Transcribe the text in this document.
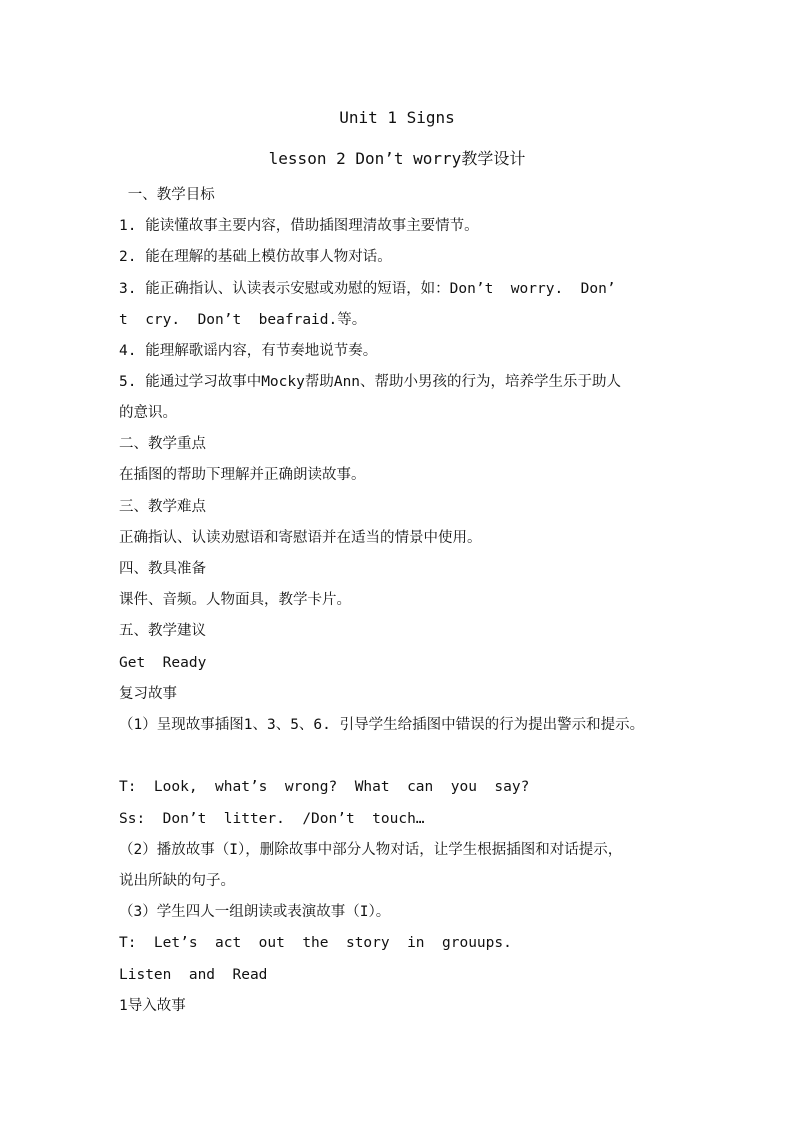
Unit 1 Signs
lesson 2 Don’t worry教学设计
一、教学目标
1. 能读懂故事主要内容，借助插图理清故事主要情节。
2. 能在理解的基础上模仿故事人物对话。
3. 能正确指认、认读表示安慰或劝慰的短语，如：Don’t  worry.  Don’
t  cry.  Don’t  beafraid.等。
4. 能理解歌谣内容，有节奏地说节奏。
5. 能通过学习故事中Mocky帮助Ann、帮助小男孩的行为，培养学生乐于助人
的意识。
二、教学重点
在插图的帮助下理解并正确朗读故事。
三、教学难点
正确指认、认读劝慰语和寄慰语并在适当的情景中使用。
四、教具准备
课件、音频。人物面具，教学卡片。
五、教学建议
Get  Ready
复习故事
（1）呈现故事插图1、3、5、6. 引导学生给插图中错误的行为提出警示和提示。
T:  Look,  what’s  wrong?  What  can  you  say?
Ss:  Don’t  litter.  /Don’t  touch…
（2）播放故事（I），删除故事中部分人物对话，让学生根据插图和对话提示，
说出所缺的句子。
（3）学生四人一组朗读或表演故事（I）。
T:  Let’s  act  out  the  story  in  grouups.
Listen  and  Read
1导入故事
